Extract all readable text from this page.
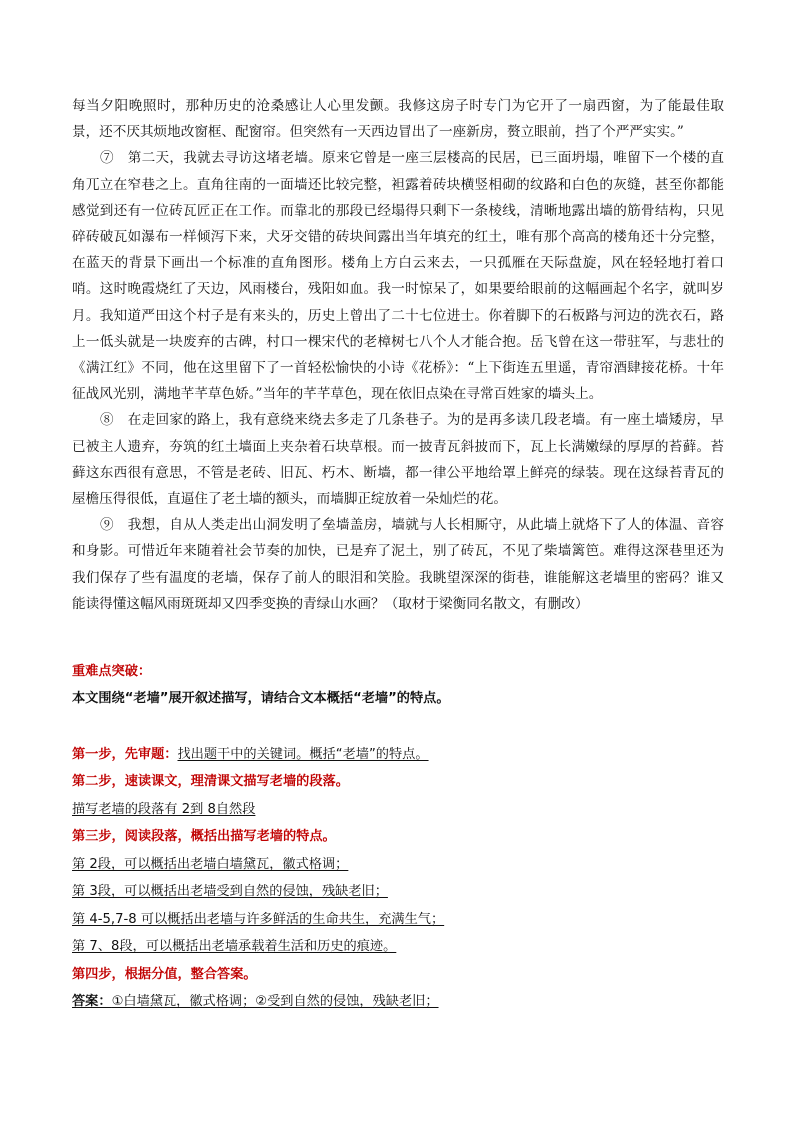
每当夕阳晚照时，那种历史的沧桑感让人心里发颤。我修这房子时专门为它开了一扇西窗，为了能最佳取景，还不厌其烦地改窗框、配窗帘。但突然有一天西边冒出了一座新房，赘立眼前，挡了个严严实实。”

⑦　第二天，我就去寻访这堵老墙。原来它曾是一座三层楼高的民居，已三面坍塌，唯留下一个楼的直角兀立在窄巷之上。直角往南的一面墙还比较完整，袒露着砖块横竖相砌的纹路和白色的灰缝，甚至你都能感觉到还有一位砖瓦匠正在工作。而靠北的那段已经塌得只剩下一条棱线，清晰地露出墙的筋骨结构，只见碎砖破瓦如瀑布一样倾泻下来，犬牙交错的砖块间露出当年填充的红土，唯有那个高高的楼角还十分完整，在蓝天的背景下画出一个标准的直角图形。楼角上方白云来去，一只孤雁在天际盘旋，风在轻轻地打着口哨。这时晚霞烧红了天边，风雨楼台，残阳如血。我一时惊呆了，如果要给眼前的这幅画起个名字，就叫岁月。我知道严田这个村子是有来头的，历史上曾出了二十七位进士。你着脚下的石板路与河边的洗衣石，路上一低头就是一块废弃的古碑，村口一棵宋代的老樟树七八个人才能合抱。岳飞曾在这一带驻军，与悲壮的《满江红》不同，他在这里留下了一首轻松愉快的小诗《花桥》：“上下街连五里遥，青帘酒肆接花桥。十年征战风光别，满地芊芊草色娇。”当年的芊芊草色，现在依旧点染在寻常百姓家的墙头上。

⑧　在走回家的路上，我有意绕来绕去多走了几条巷子。为的是再多读几段老墙。有一座土墙矮房，早已被主人遗弃，夯筑的红土墙面上夹杂着石块草根。而一披青瓦斜披而下，瓦上长满嫩绿的厚厚的苔藓。苔藓这东西很有意思，不管是老砖、旧瓦、朽木、断墙，都一律公平地给罩上鲜亮的绿装。现在这绿苔青瓦的屋檐压得很低，直逼住了老土墙的额头，而墙脚正绽放着一朵灿烂的花。

⑨　我想，自从人类走出山洞发明了垒墙盖房，墙就与人长相厮守，从此墙上就烙下了人的体温、音容和身影。可惜近年来随着社会节奏的加快，已是弃了泥土，别了砖瓦，不见了柴墙篱笆。难得这深巷里还为我们保存了些有温度的老墙，保存了前人的眼泪和笑脸。我眺望深深的街巷，谁能解这老墙里的密码？谁又能读得懂这幅风雨斑斑却又四季变换的青绿山水画？（取材于梁衡同名散文，有删改）

重难点突破：
本文围绕“老墙”展开叙述描写，请结合文本概括“老墙”的特点。
第一步，先审题：找出题干中的关键词。概括“老墙”的特点。
第二步，速读课文，理清课文描写老墙的段落。
描写老墙的段落有 2到 8自然段
第三步，阅读段落，概括出描写老墙的特点。
第 2段，可以概括出老墙白墙黛瓦，徽式格调；
第 3段，可以概括出老墙受到自然的侵蚀，残缺老旧；
第 4-5,7-8 可以概括出老墙与许多鲜活的生命共生，充满生气；
第 7、8段，可以概括出老墙承载着生活和历史的痕迹。
第四步，根据分值，整合答案。
答案：①白墙黛瓦，徽式格调；②受到自然的侵蚀，残缺老旧；
